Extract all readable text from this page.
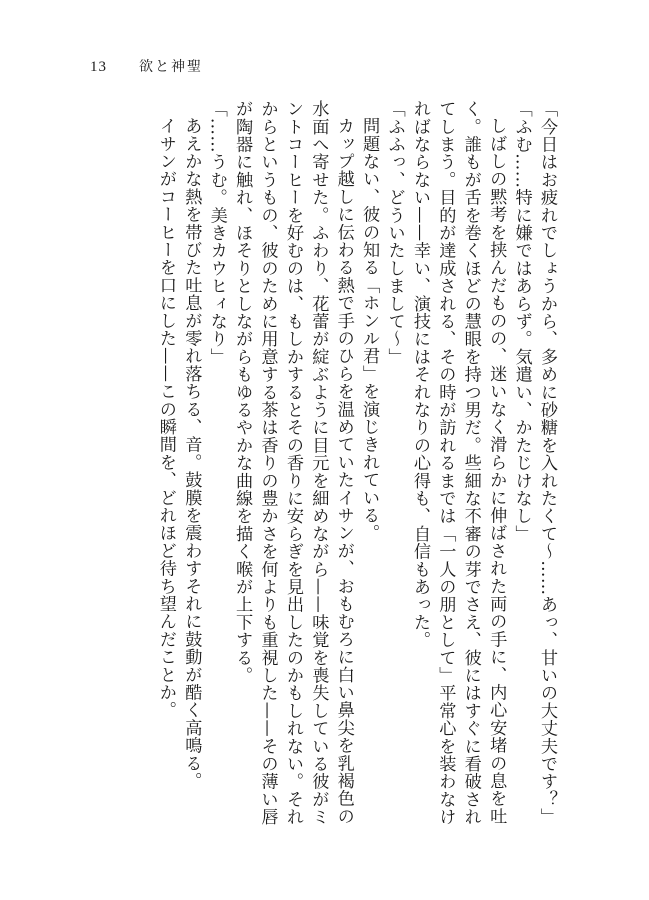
13 欲と神聖
「今日はお疲れでしょうから、多めに砂糖を入れたくて〜……あっ、甘いの大丈夫です？」
「ふむ……特に嫌ではあらず。気遣い、かたじけなし」
しばしの黙考を挟んだものの、迷いなく滑らかに伸ばされた両の手に、内心安堵の息を吐
く。誰もが舌を巻くほどの慧眼を持つ男だ。些細な不審の芽でさえ、彼にはすぐに看破され
てしまう。目的が達成される、その時が訪れるまでは「一人の朋として」平常心を装わなけ
ればならない——幸い、演技にはそれなりの心得も、自信もあった。
「ふふっ、どういたしまして〜」
問題ない、彼の知る「ホンル君」を演じきれている。
カップ越しに伝わる熱で手のひらを温めていたイサンが、おもむろに白い鼻尖を乳褐色の
水面へ寄せた。ふわり、花蕾が綻ぶように目元を細めながら——味覚を喪失している彼がミ
ントコーヒーを好むのは、もしかするとその香りに安らぎを見出したのかもしれない。それ
からというもの、彼のために用意する茶は香りの豊かさを何よりも重視した——その薄い唇
が陶器に触れ、ほそりとしながらもゆるやかな曲線を描く喉が上下する。
「……うむ。美きカウヒィなり」
あえかな熱を帯びた吐息が零れ落ちる、音。鼓膜を震わすそれに鼓動が酷く高鳴る。
イサンがコーヒーを口にした——この瞬間を、どれほど待ち望んだことか。
